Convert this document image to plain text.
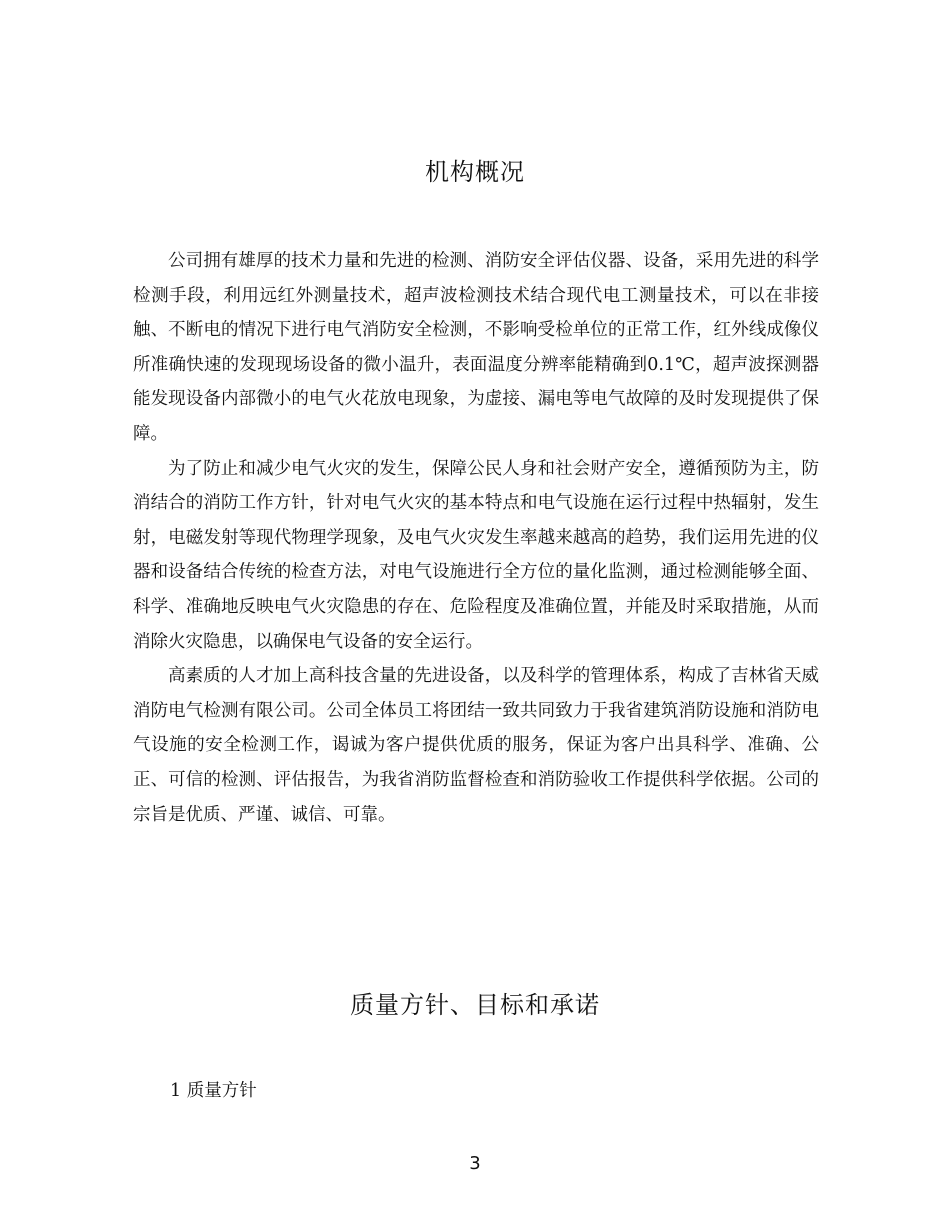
机构概况

公司拥有雄厚的技术力量和先进的检测、消防安全评估仪器、设备，采用先进的科学检测手段，利用远红外测量技术，超声波检测技术结合现代电工测量技术，可以在非接触、不断电的情况下进行电气消防安全检测，不影响受检单位的正常工作，红外线成像仪所准确快速的发现现场设备的微小温升，表面温度分辨率能精确到0.1℃，超声波探测器能发现设备内部微小的电气火花放电现象，为虚接、漏电等电气故障的及时发现提供了保障。

为了防止和减少电气火灾的发生，保障公民人身和社会财产安全，遵循预防为主，防消结合的消防工作方针，针对电气火灾的基本特点和电气设施在运行过程中热辐射，发生射，电磁发射等现代物理学现象，及电气火灾发生率越来越高的趋势，我们运用先进的仪器和设备结合传统的检查方法，对电气设施进行全方位的量化监测，通过检测能够全面、科学、准确地反映电气火灾隐患的存在、危险程度及准确位置，并能及时采取措施，从而消除火灾隐患，以确保电气设备的安全运行。

高素质的人才加上高科技含量的先进设备，以及科学的管理体系，构成了吉林省天威消防电气检测有限公司。公司全体员工将团结一致共同致力于我省建筑消防设施和消防电气设施的安全检测工作，谒诚为客户提供优质的服务，保证为客户出具科学、准确、公正、可信的检测、评估报告，为我省消防监督检查和消防验收工作提供科学依据。公司的宗旨是优质、严谨、诚信、可靠。

质量方针、目标和承诺

1 质量方针

3
